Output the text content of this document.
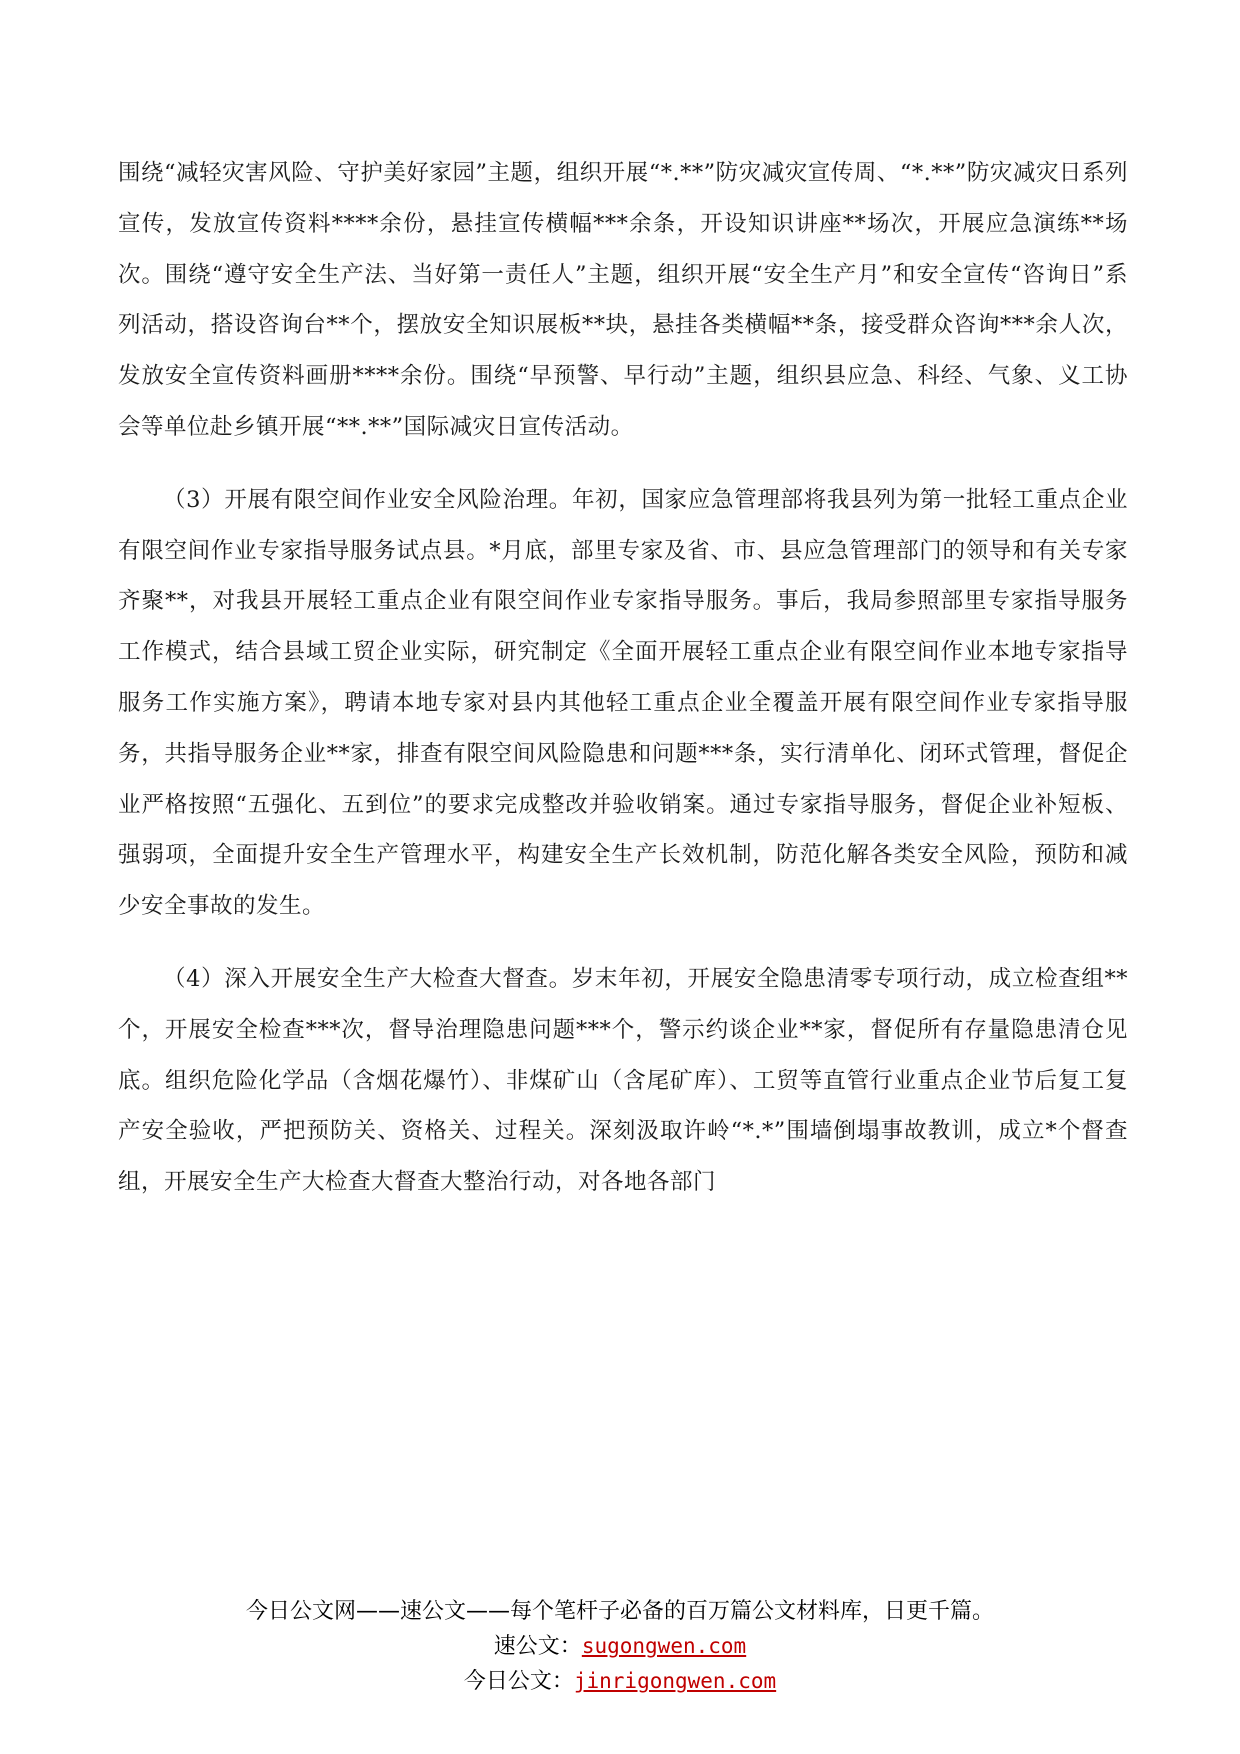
围绕“减轻灾害风险、守护美好家园”主题，组织开展“*.**”防灾减灾宣传周、“*.**”防灾减灾日系列宣传，发放宣传资料****余份，悬挂宣传横幅***余条，开设知识讲座**场次，开展应急演练**场次。围绕“遵守安全生产法、当好第一责任人”主题，组织开展“安全生产月”和安全宣传“咨询日”系列活动，搭设咨询台**个，摆放安全知识展板**块，悬挂各类横幅**条，接受群众咨询***余人次，发放安全宣传资料画册****余份。围绕“早预警、早行动”主题，组织县应急、科经、气象、义工协会等单位赴乡镇开展“**.**”国际减灾日宣传活动。

（3）开展有限空间作业安全风险治理。年初，国家应急管理部将我县列为第一批轻工重点企业有限空间作业专家指导服务试点县。*月底，部里专家及省、市、县应急管理部门的领导和有关专家齐聚**，对我县开展轻工重点企业有限空间作业专家指导服务。事后，我局参照部里专家指导服务工作模式，结合县域工贸企业实际，研究制定《全面开展轻工重点企业有限空间作业本地专家指导服务工作实施方案》，聘请本地专家对县内其他轻工重点企业全覆盖开展有限空间作业专家指导服务，共指导服务企业**家，排查有限空间风险隐患和问题***条，实行清单化、闭环式管理，督促企业严格按照“五强化、五到位”的要求完成整改并验收销案。通过专家指导服务，督促企业补短板、强弱项，全面提升安全生产管理水平，构建安全生产长效机制，防范化解各类安全风险，预防和减少安全事故的发生。

（4）深入开展安全生产大检查大督查。岁末年初，开展安全隐患清零专项行动，成立检查组**个，开展安全检查***次，督导治理隐患问题***个，警示约谈企业**家，督促所有存量隐患清仓见底。组织危险化学品（含烟花爆竹）、非煤矿山（含尾矿库）、工贸等直管行业重点企业节后复工复产安全验收，严把预防关、资格关、过程关。深刻汲取许岭“*.*”围墙倒塌事故教训，成立*个督查组，开展安全生产大检查大督查大整治行动，对各地各部门

今日公文网——速公文——每个笔杆子必备的百万篇公文材料库，日更千篇。
速公文：sugongwen.com
今日公文：jinrigongwen.com
